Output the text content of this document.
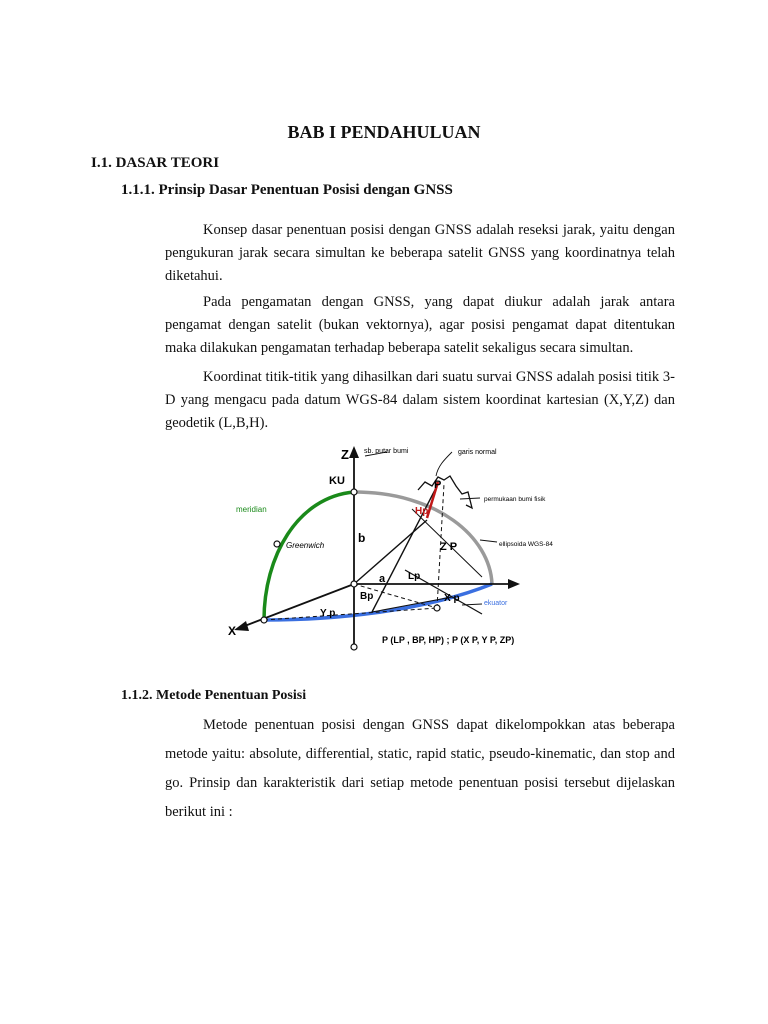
BAB I PENDAHULUAN
I.1. DASAR TEORI
1.1.1. Prinsip Dasar Penentuan Posisi dengan GNSS

Konsep dasar penentuan posisi dengan GNSS adalah reseksi jarak, yaitu dengan pengukuran jarak secara simultan ke beberapa satelit GNSS yang koordinatnya telah diketahui.

Pada pengamatan dengan GNSS, yang dapat diukur adalah jarak antara pengamat dengan satelit (bukan vektornya), agar posisi pengamat dapat ditentukan maka dilakukan pengamatan terhadap beberapa satelit sekaligus secara simultan.

Koordinat titik-titik yang dihasilkan dari suatu survai GNSS adalah posisi titik 3-D yang mengacu pada datum WGS-84 dalam sistem koordinat kartesian (X,Y,Z) dan geodetik (L,B,H).

Z
KU
sb. putar bumi	garis normal
P
permukaan bumi fisik
meridian
Greenwich
Hp
b
Z P	ellipsoida WGS-84
Lp
a
Bp	X p
Y p
ekuator
X
P (LP , BP, HP) ; P (X P, Y P, ZP)
1.1.2. Metode Penentuan Posisi

Metode penentuan posisi dengan GNSS dapat dikelompokkan atas beberapa metode yaitu: absolute, differential, static, rapid static, pseudo-kinematic, dan stop and go. Prinsip dan karakteristik dari setiap metode penentuan posisi tersebut dijelaskan berikut ini :
